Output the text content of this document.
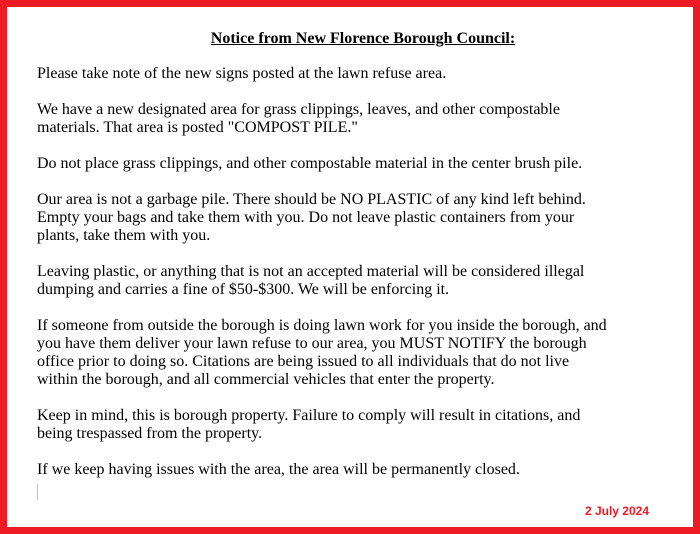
Notice from New Florence Borough Council:

Please take note of the new signs posted at the lawn refuse area.

We have a new designated area for grass clippings, leaves, and other compostable
materials. That area is posted "COMPOST PILE."

Do not place grass clippings, and other compostable material in the center brush pile.

Our area is not a garbage pile. There should be NO PLASTIC of any kind left behind.
Empty your bags and take them with you. Do not leave plastic containers from your
plants, take them with you.

Leaving plastic, or anything that is not an accepted material will be considered illegal
dumping and carries a fine of $50-$300. We will be enforcing it.

If someone from outside the borough is doing lawn work for you inside the borough, and
you have them deliver your lawn refuse to our area, you MUST NOTIFY the borough
office prior to doing so. Citations are being issued to all individuals that do not live
within the borough, and all commercial vehicles that enter the property.

Keep in mind, this is borough property. Failure to comply will result in citations, and
being trespassed from the property.

If we keep having issues with the area, the area will be permanently closed.

2 July 2024
